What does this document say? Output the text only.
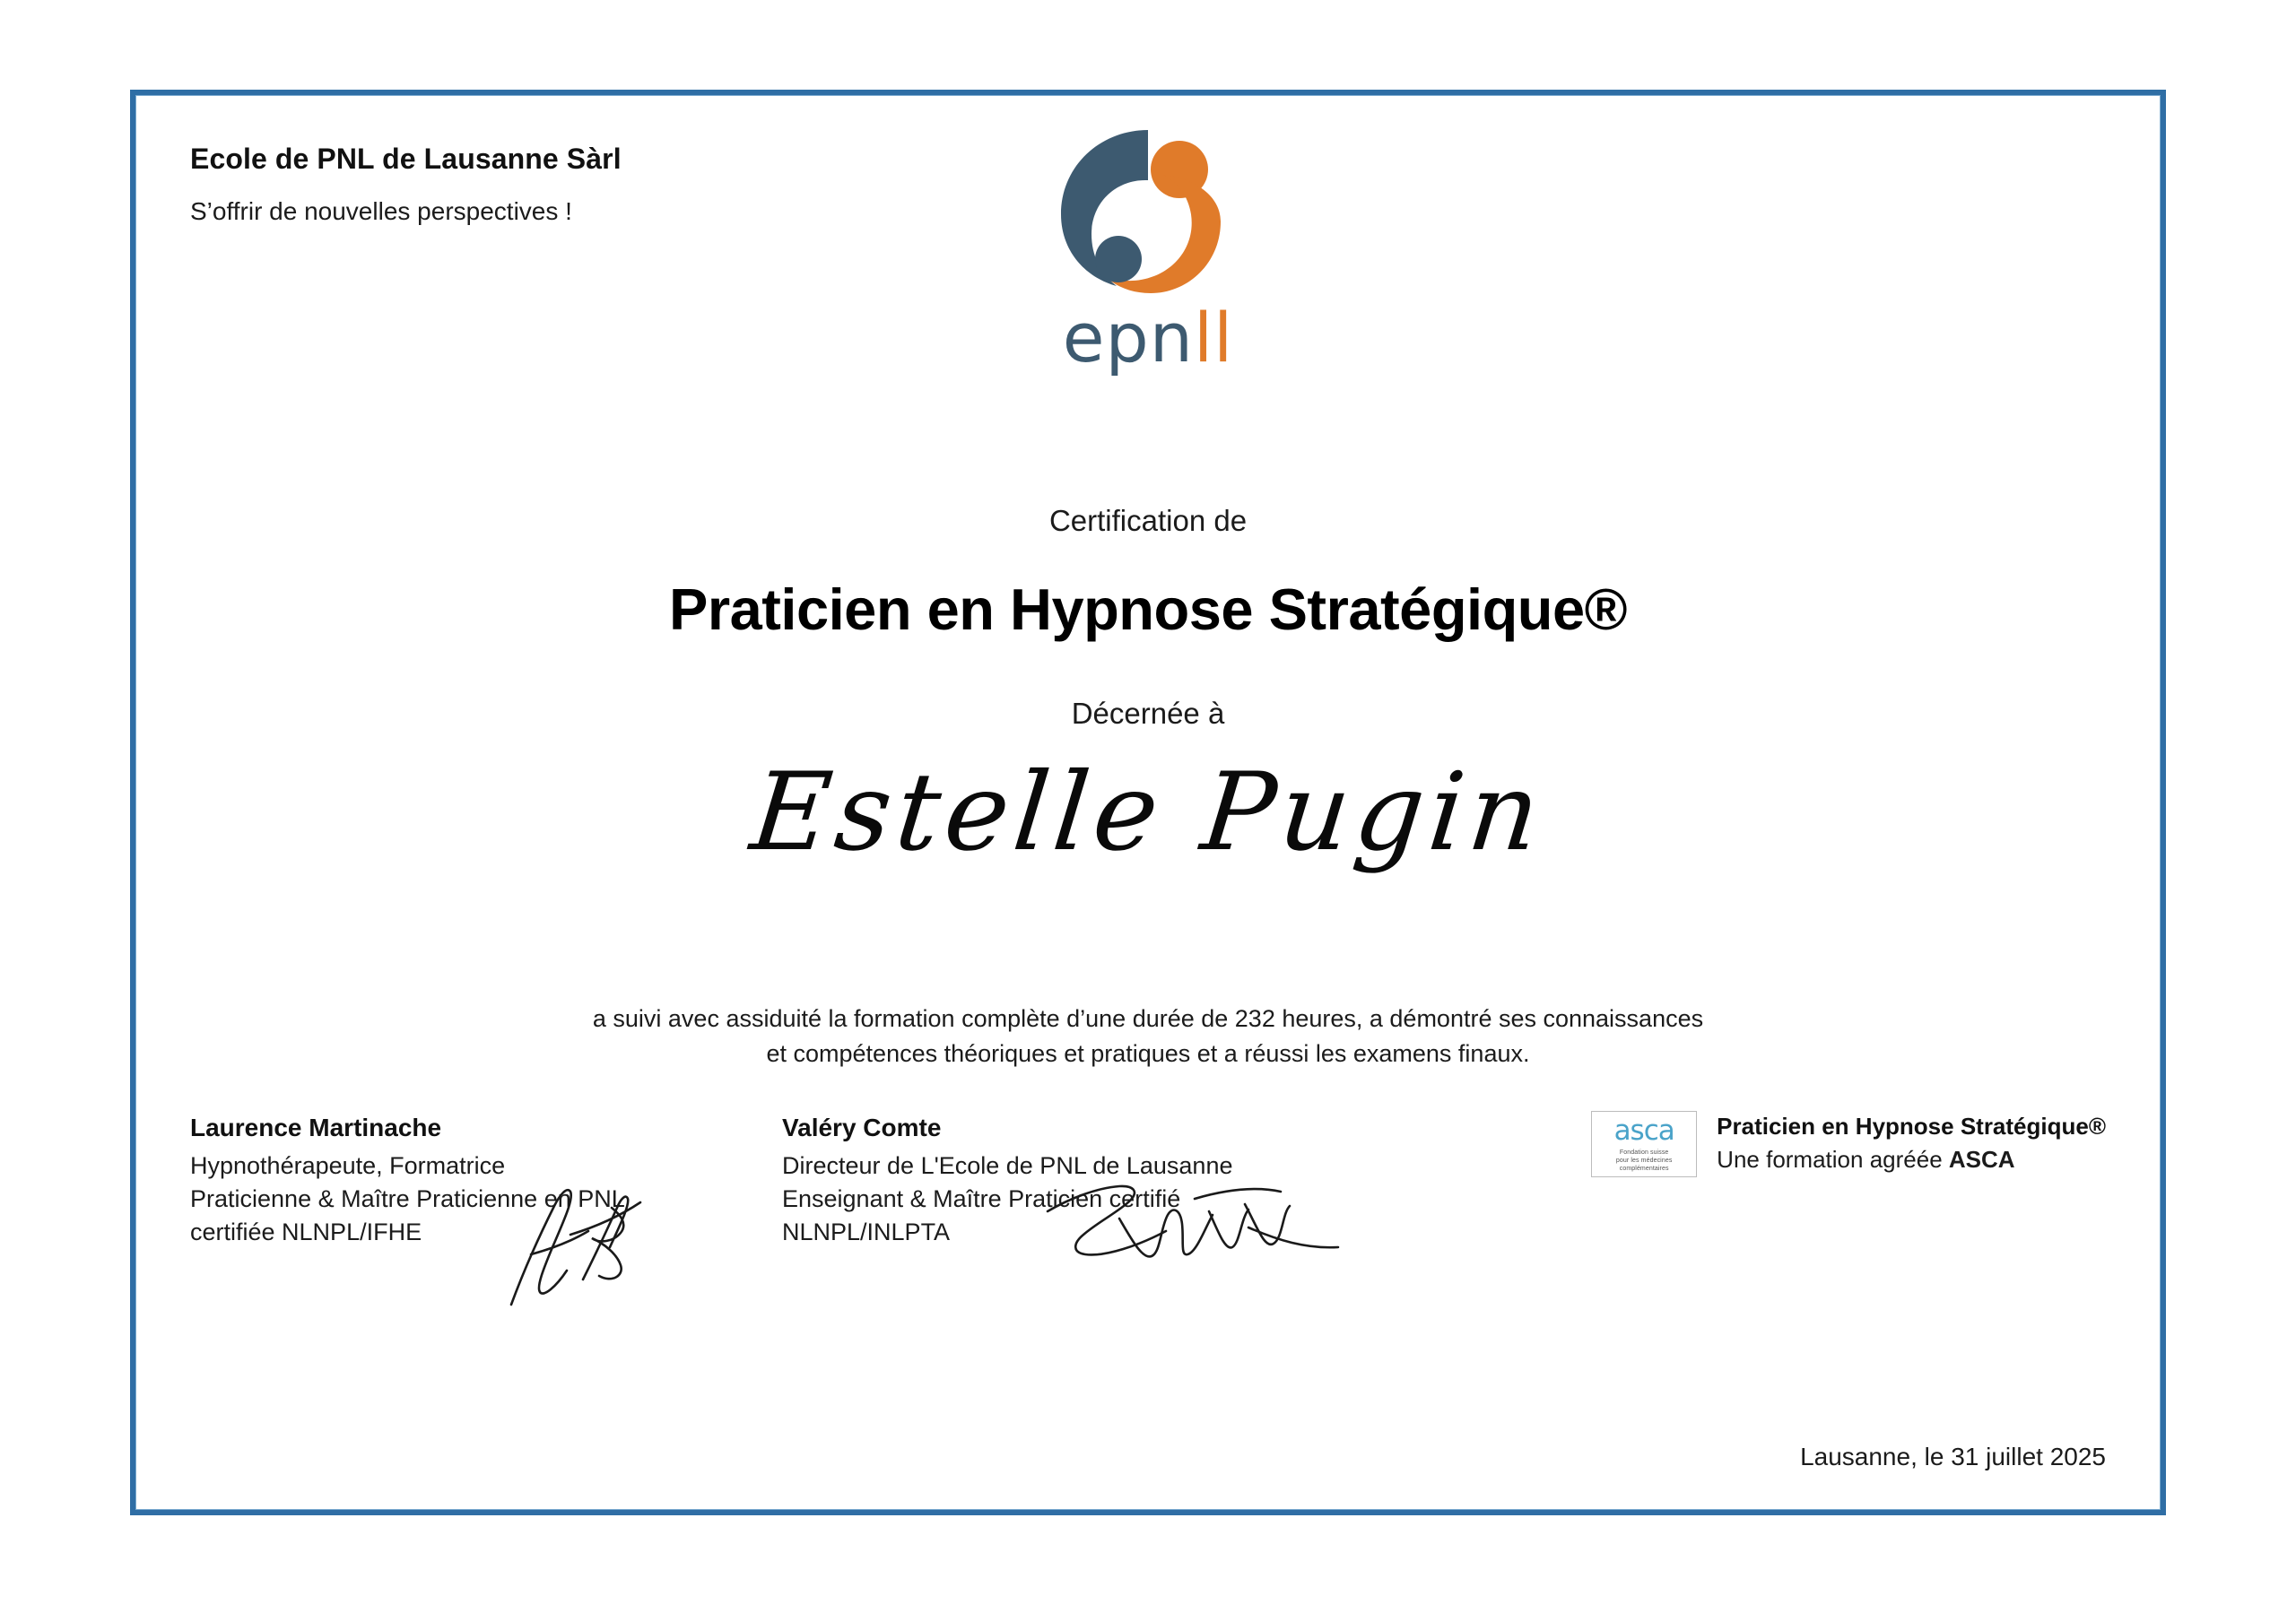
Ecole de PNL de Lausanne Sàrl
S’offrir de nouvelles perspectives !
epnll
Certification de
Praticien en Hypnose Stratégique®
Décernée à
Estelle Pugin
a suivi avec assiduité la formation complète d’une durée de 232 heures, a démontré ses connaissances
et compétences théoriques et pratiques et a réussi les examens finaux.
Laurence Martinache
Hypnothérapeute, Formatrice
Praticienne & Maître Praticienne en PNL
certifiée NLNPL/IFHE
Valéry Comte
Directeur de L'Ecole de PNL de Lausanne
Enseignant & Maître Praticien certifié
NLNPL/INLPTA
asca
Fondation suisse
pour les médecines
complémentaires
Praticien en Hypnose Stratégique®
Une formation agréée ASCA
Lausanne, le 31 juillet 2025
